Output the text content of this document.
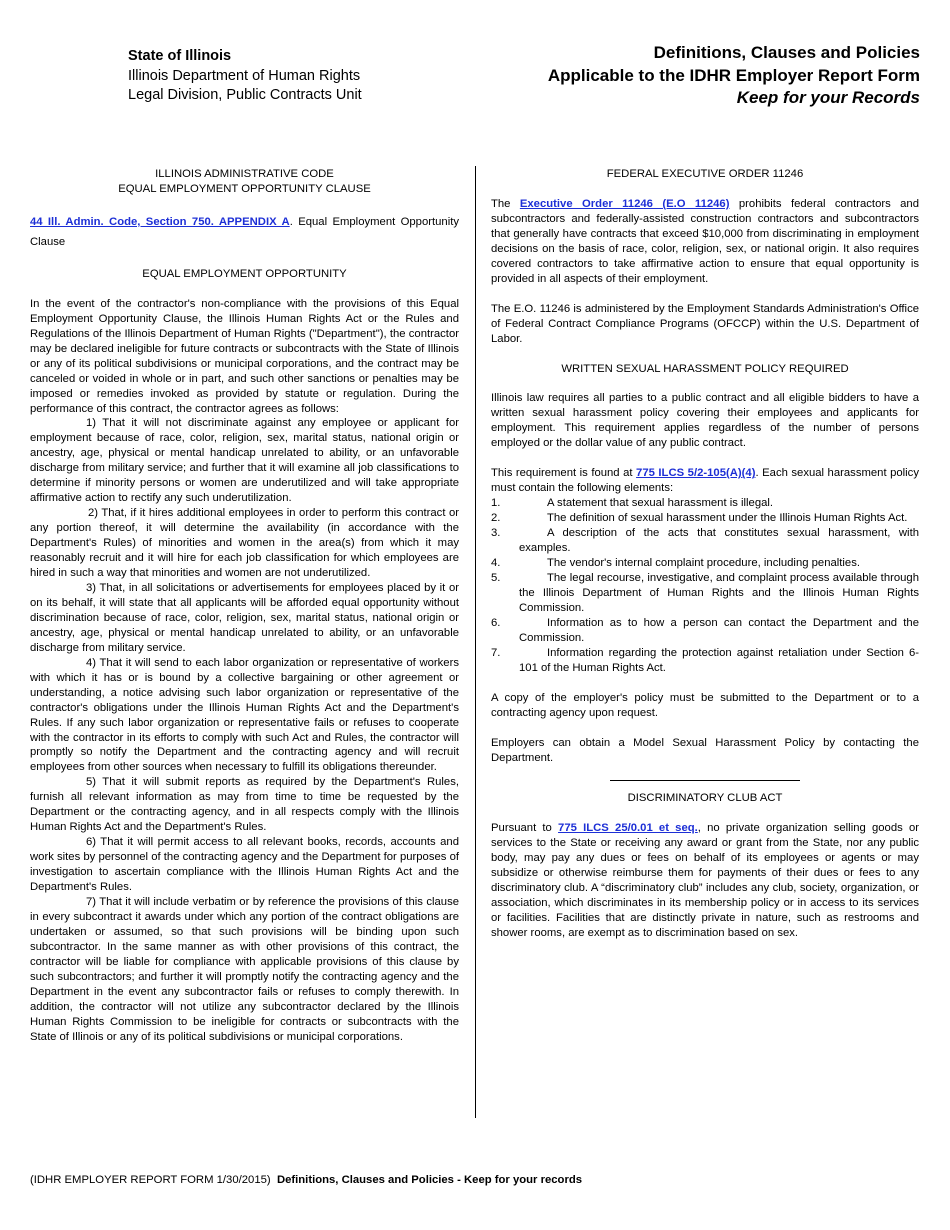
State of Illinois
Illinois Department of Human Rights
Legal Division, Public Contracts Unit
Definitions, Clauses and Policies
Applicable to the IDHR Employer Report Form
Keep for your Records

ILLINOIS ADMINISTRATIVE CODE

EQUAL EMPLOYMENT OPPORTUNITY CLAUSE

44 Ill. Admin. Code, Section 750. APPENDIX A. Equal Employment Opportunity Clause

EQUAL EMPLOYMENT OPPORTUNITY

In the event of the contractor's non-compliance with the provisions of this Equal Employment Opportunity Clause, the Illinois Human Rights Act or the Rules and Regulations of the Illinois Department of Human Rights ("Department"), the contractor may be declared ineligible for future contracts or subcontracts with the State of Illinois or any of its political subdivisions or municipal corporations, and the contract may be canceled or voided in whole or in part, and such other sanctions or penalties may be imposed or remedies invoked as provided by statute or regulation. During the performance of this contract, the contractor agrees as follows:

1) That it will not discriminate against any employee or applicant for employment because of race, color, religion, sex, marital status, national origin or ancestry, age, physical or mental handicap unrelated to ability, or an unfavorable discharge from military service; and further that it will examine all job classifications to determine if minority persons or women are underutilized and will take appropriate affirmative action to rectify any such underutilization.

2) That, if it hires additional employees in order to perform this contract or any portion thereof, it will determine the availability (in accordance with the Department's Rules) of minorities and women in the area(s) from which it may reasonably recruit and it will hire for each job classification for which employees are hired in such a way that minorities and women are not underutilized.

3) That, in all solicitations or advertisements for employees placed by it or on its behalf, it will state that all applicants will be afforded equal opportunity without discrimination because of race, color, religion, sex, marital status, national origin or ancestry, age, physical or mental handicap unrelated to ability, or an unfavorable discharge from military service.

4) That it will send to each labor organization or representative of workers with which it has or is bound by a collective bargaining or other agreement or understanding, a notice advising such labor organization or representative of the contractor's obligations under the Illinois Human Rights Act and the Department's Rules. If any such labor organization or representative fails or refuses to cooperate with the contractor in its efforts to comply with such Act and Rules, the contractor will promptly so notify the Department and the contracting agency and will recruit employees from other sources when necessary to fulfill its obligations thereunder.

5) That it will submit reports as required by the Department's Rules, furnish all relevant information as may from time to time be requested by the Department or the contracting agency, and in all respects comply with the Illinois Human Rights Act and the Department's Rules.

6) That it will permit access to all relevant books, records, accounts and work sites by personnel of the contracting agency and the Department for purposes of investigation to ascertain compliance with the Illinois Human Rights Act and the Department's Rules.

7) That it will include verbatim or by reference the provisions of this clause in every subcontract it awards under which any portion of the contract obligations are undertaken or assumed, so that such provisions will be binding upon such subcontractor. In the same manner as with other provisions of this contract, the contractor will be liable for compliance with applicable provisions of this clause by such subcontractors; and further it will promptly notify the contracting agency and the Department in the event any subcontractor fails or refuses to comply therewith. In addition, the contractor will not utilize any subcontractor declared by the Illinois Human Rights Commission to be ineligible for contracts or subcontracts with the State of Illinois or any of its political subdivisions or municipal corporations.

FEDERAL EXECUTIVE ORDER 11246

The Executive Order 11246 (E.O 11246) prohibits federal contractors and subcontractors and federally-assisted construction contractors and subcontractors that generally have contracts that exceed $10,000 from discriminating in employment decisions on the basis of race, color, religion, sex, or national origin. It also requires covered contractors to take affirmative action to ensure that equal opportunity is provided in all aspects of their employment.

The E.O. 11246 is administered by the Employment Standards Administration's Office of Federal Contract Compliance Programs (OFCCP) within the U.S. Department of Labor.

WRITTEN SEXUAL HARASSMENT POLICY REQUIRED

Illinois law requires all parties to a public contract and all eligible bidders to have a written sexual harassment policy covering their employees and applicants for employment. This requirement applies regardless of the number of persons employed or the dollar value of any public contract.

This requirement is found at 775 ILCS 5/2-105(A)(4). Each sexual harassment policy must contain the following elements:

1.	A statement that sexual harassment is illegal.
2.	The definition of sexual harassment under the Illinois Human Rights Act.
3.	A description of the acts that constitutes sexual harassment, with examples.
4.	The vendor's internal complaint procedure, including penalties.
5.	The legal recourse, investigative, and complaint process available through the Illinois Department of Human Rights and the Illinois Human Rights Commission.
6.	Information as to how a person can contact the Department and the Commission.
7.	Information regarding the protection against retaliation under Section 6-101 of the Human Rights Act.

A copy of the employer's policy must be submitted to the Department or to a contracting agency upon request.

Employers can obtain a Model Sexual Harassment Policy by contacting the Department.

DISCRIMINATORY CLUB ACT

Pursuant to 775 ILCS 25/0.01 et seq., no private organization selling goods or services to the State or receiving any award or grant from the State, nor any public body, may pay any dues or fees on behalf of its employees or agents or may subsidize or otherwise reimburse them for payments of their dues or fees to any discriminatory club. A “discriminatory club” includes any club, society, organization, or association, which discriminates in its membership policy or in access to its services or facilities. Facilities that are distinctly private in nature, such as restrooms and shower rooms, are exempt as to discrimination based on sex.

(IDHR EMPLOYER REPORT FORM 1/30/2015) Definitions, Clauses and Policies - Keep for your records
